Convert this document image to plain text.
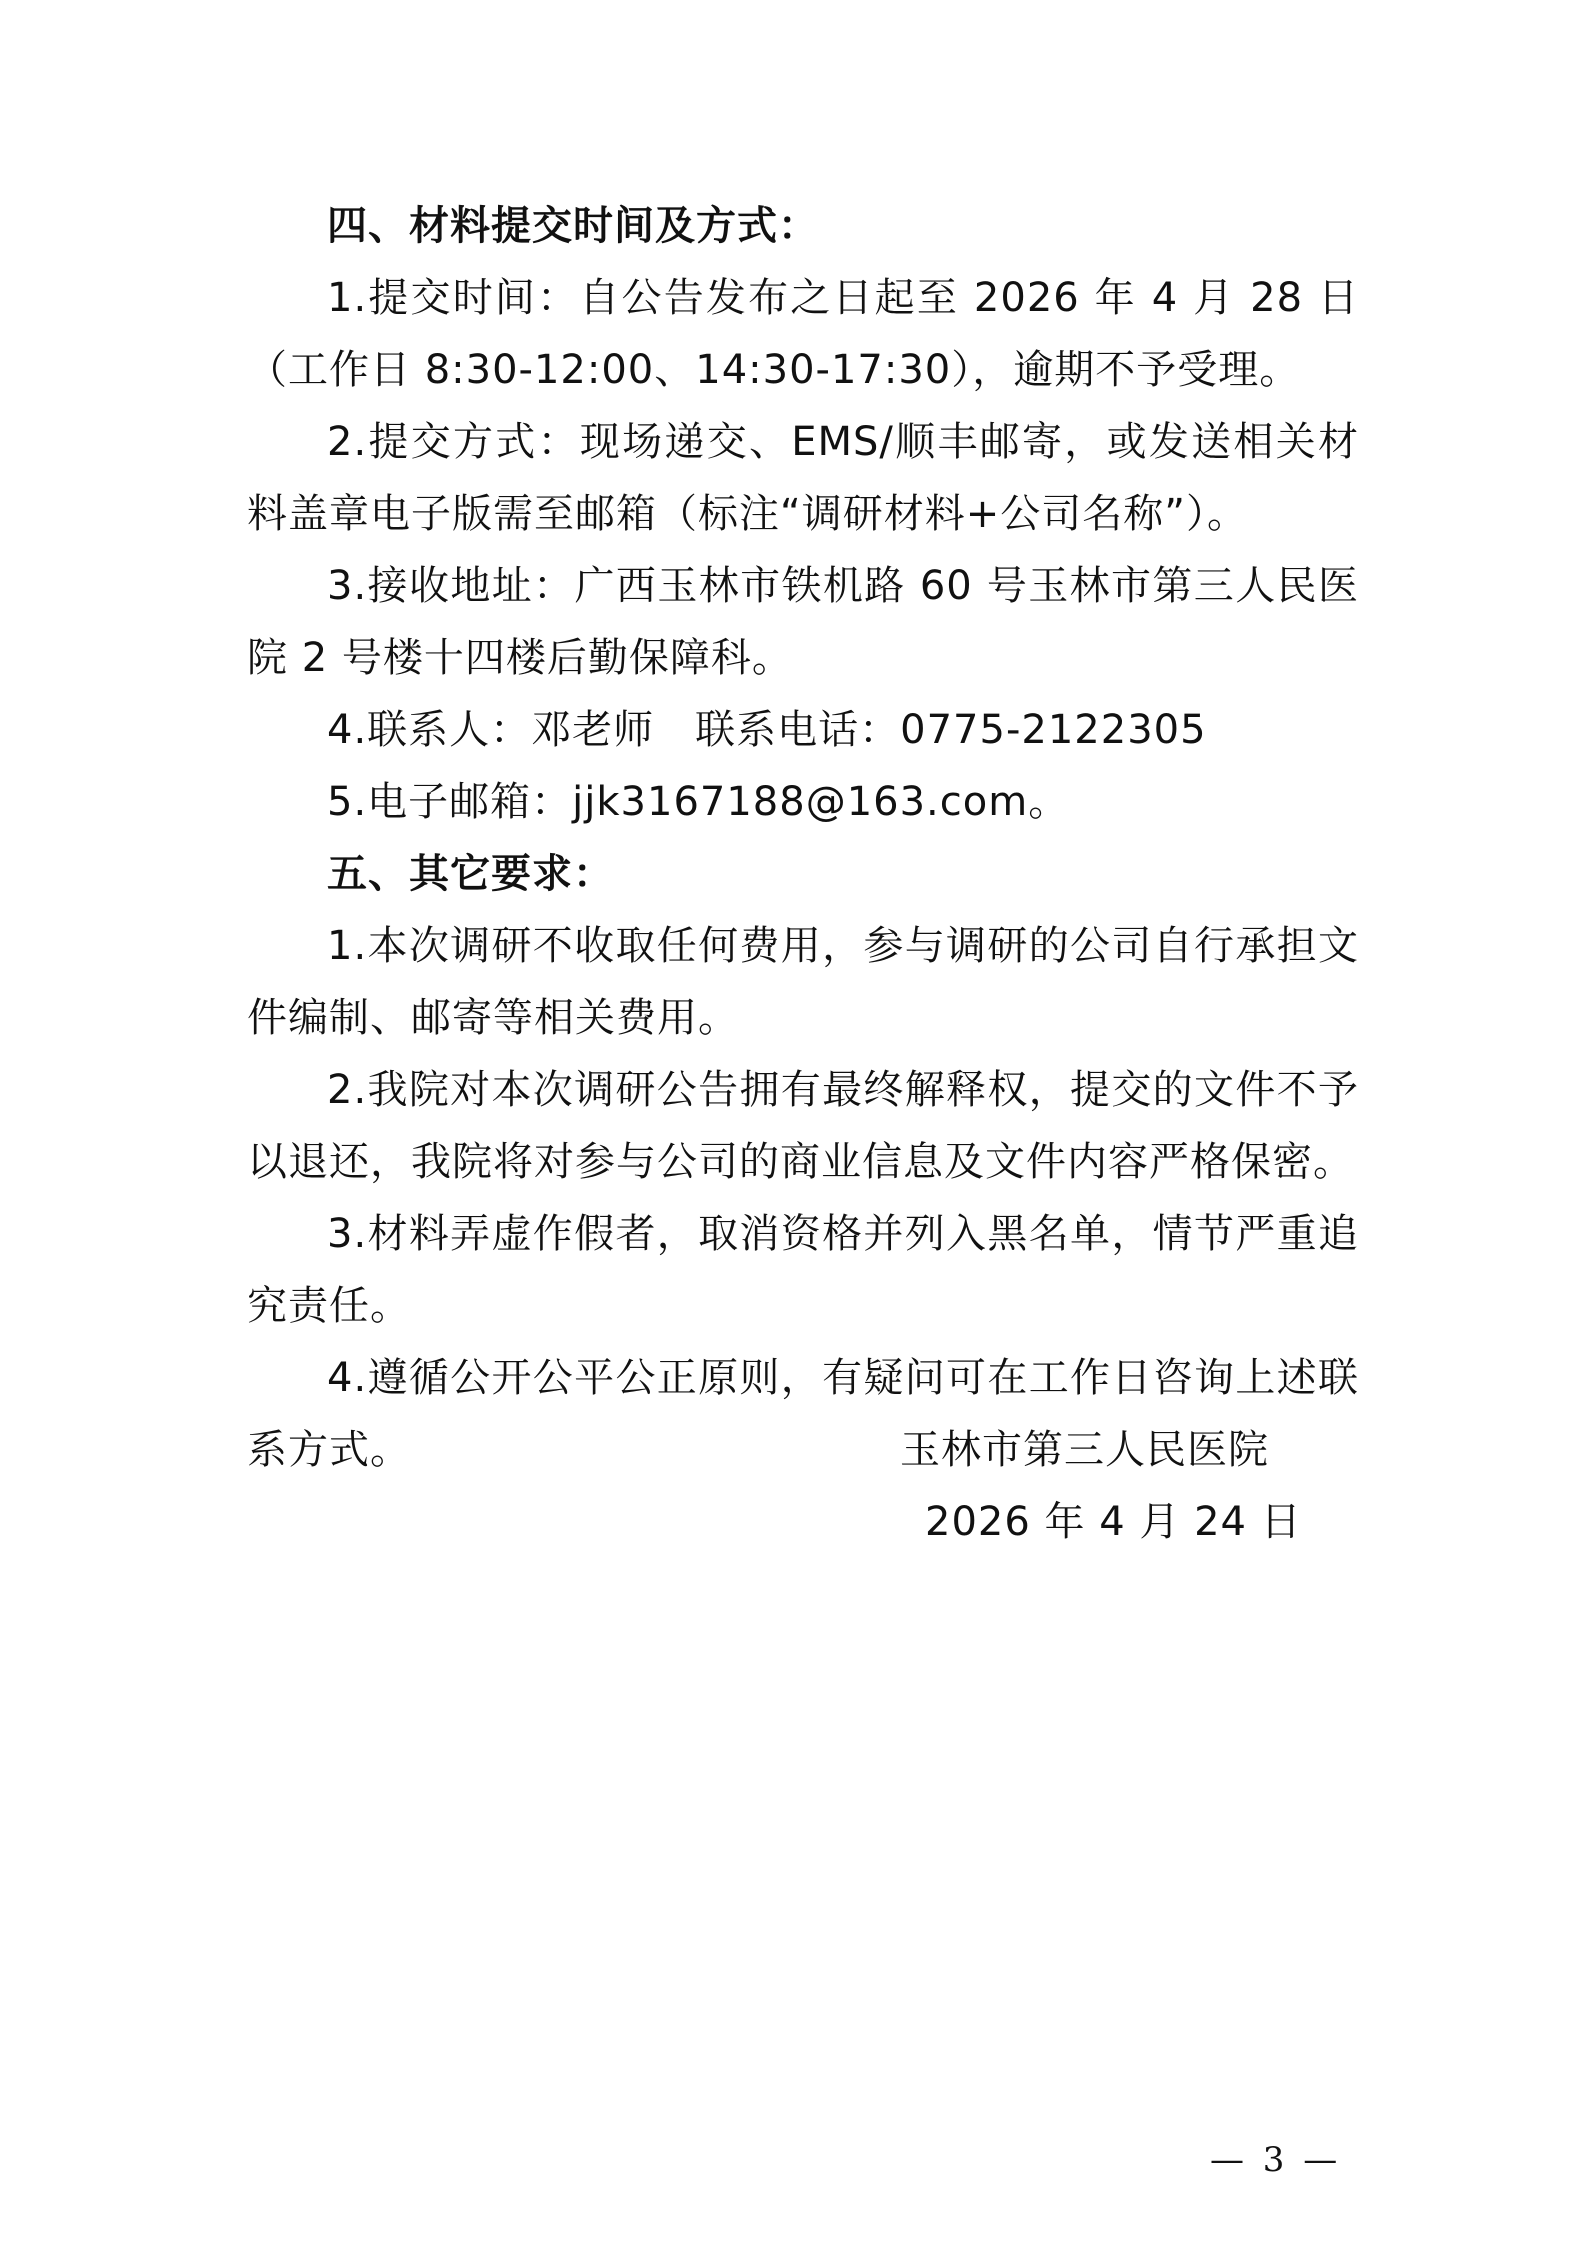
四、材料提交时间及方式：

1.提交时间：自公告发布之日起至 2026 年 4 月 28 日（工作日 8:30-12:00、14:30-17:30），逾期不予受理。

2.提交方式：现场递交、EMS/顺丰邮寄，或发送相关材料盖章电子版需至邮箱（标注“调研材料+公司名称”）。

3.接收地址：广西玉林市铁机路 60 号玉林市第三人民医院 2 号楼十四楼后勤保障科。

4.联系人：邓老师　联系电话：0775-2122305

5.电子邮箱：jjk3167188@163.com。

五、其它要求：

1.本次调研不收取任何费用，参与调研的公司自行承担文件编制、邮寄等相关费用。

2.我院对本次调研公告拥有最终解释权，提交的文件不予以退还，我院将对参与公司的商业信息及文件内容严格保密。

3.材料弄虚作假者，取消资格并列入黑名单，情节严重追究责任。

4.遵循公开公平公正原则，有疑问可在工作日咨询上述联系方式。	玉林市第三人民医院

2026 年 4 月 24 日

— 3 —
